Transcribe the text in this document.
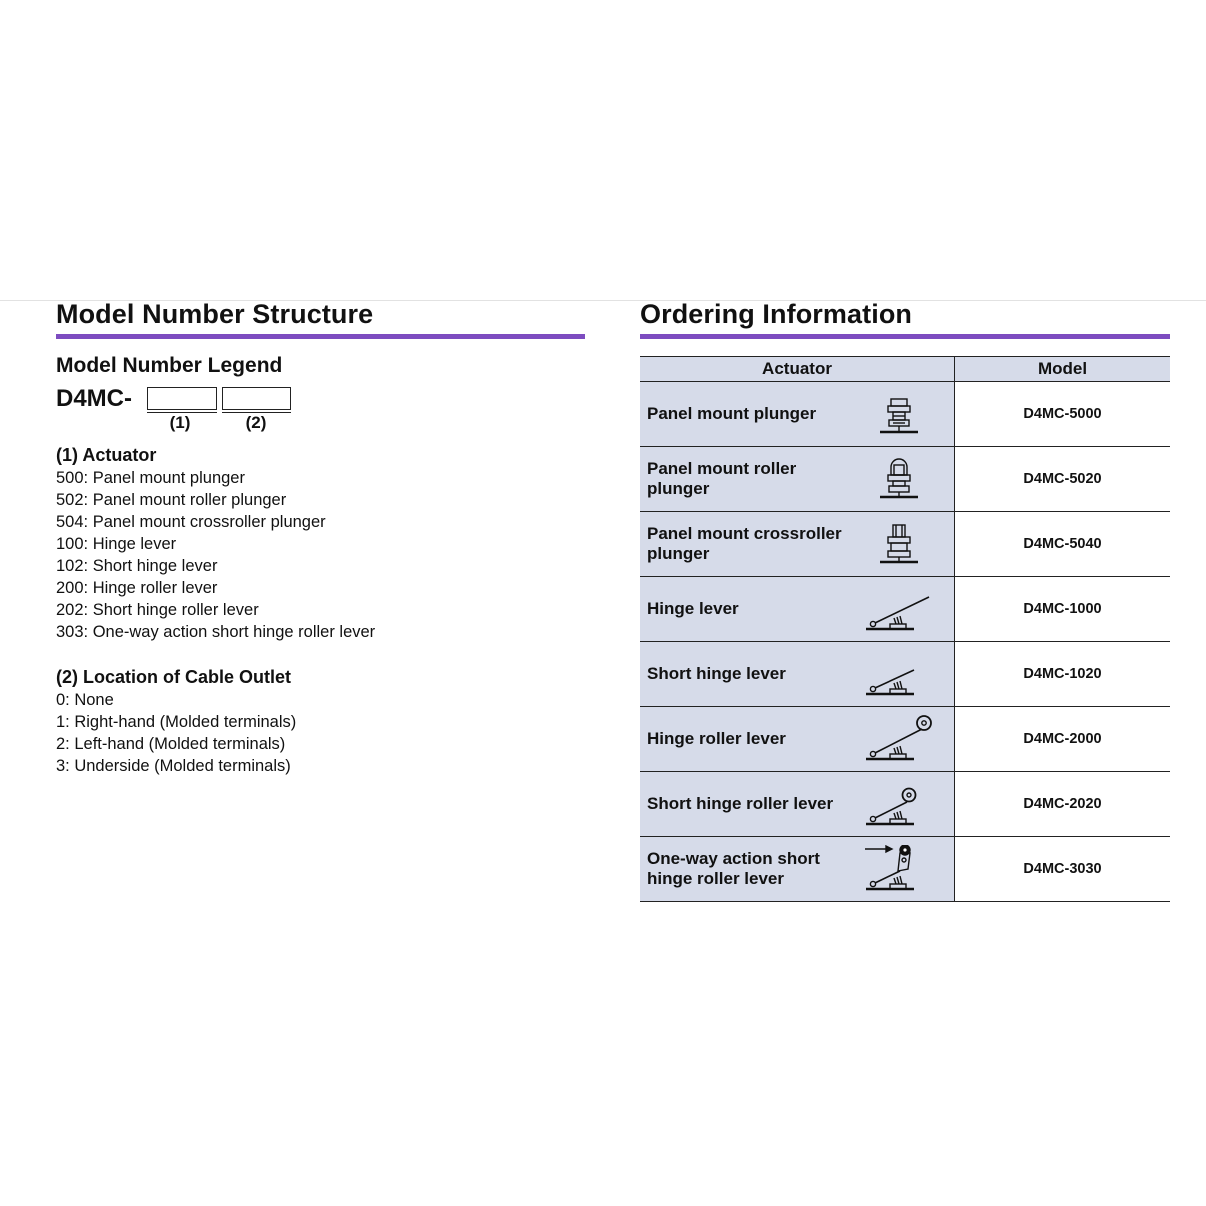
Model Number Structure
Model Number Legend
D4MC-
(1)	(2)
(1) Actuator
500: Panel mount plunger
502: Panel mount roller plunger
504: Panel mount crossroller plunger
100: Hinge lever
102: Short hinge lever
200: Hinge roller lever
202: Short hinge roller lever
303: One-way action short hinge roller lever
(2) Location of Cable Outlet
0: None
1: Right-hand (Molded terminals)
2: Left-hand (Molded terminals)
3: Underside (Molded terminals)
Ordering Information
Actuator	Model

Panel mount plunger	D4MC-5000

Panel mount roller plunger	D4MC-5020

Panel mount crossroller plunger	D4MC-5040

Hinge lever	D4MC-1000

Short hinge lever	D4MC-1020

Hinge roller lever	D4MC-2000

Short hinge roller lever	D4MC-2020

One-way action short hinge roller lever	D4MC-3030
